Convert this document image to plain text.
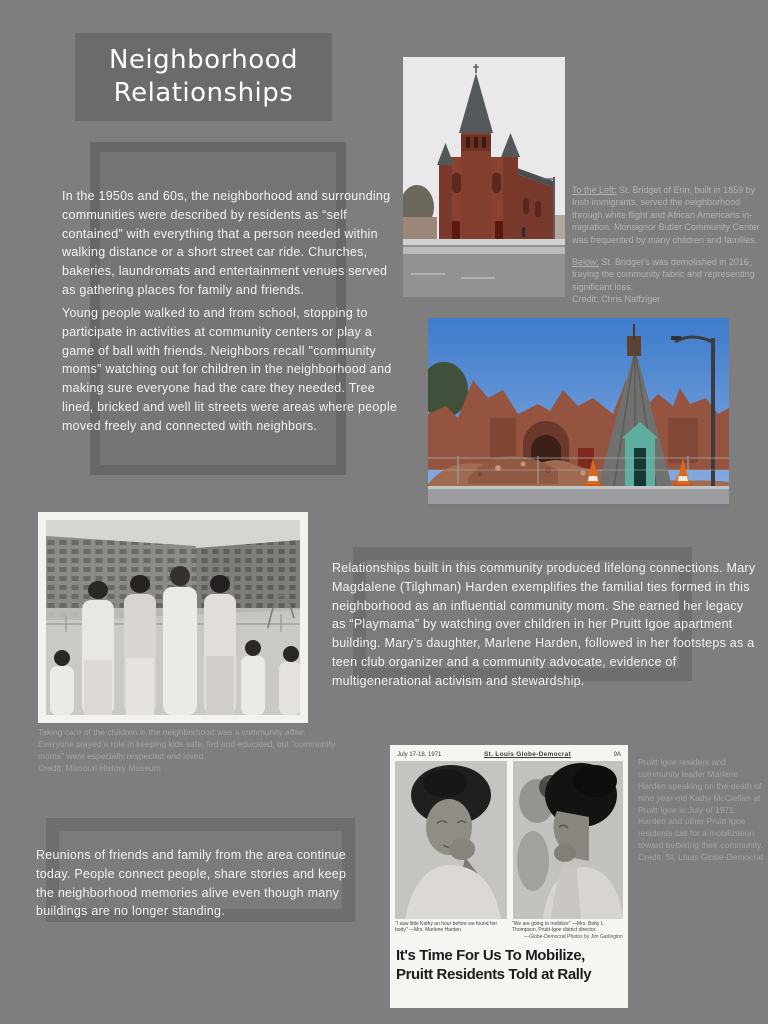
Neighborhood Relationships
In the 1950s and 60s, the neighborhood and surrounding communities were described by residents as “self contained” with everything that a person needed within walking distance or a short street car ride. Churches, bakeries, laundromats and entertainment venues served as gathering places for family and friends.
Young people walked to and from school, stopping to participate in activities at community centers or play a game of ball with friends. Neighbors recall "community moms" watching out for children in the neighborhood and making sure everyone had the care they needed. Tree lined, bricked and well lit streets were areas where people moved freely and connected with neighbors.
Relationships built in this community produced lifelong connections. Mary Magdalene (Tilghman) Harden exemplifies the familial ties formed in this neighborhood as an influential community mom. She earned her legacy as “Playmama” by watching over children in her Pruitt Igoe apartment building. Mary’s daughter, Marlene Harden, followed in her footsteps as a teen club organizer and a community advocate, evidence of multigenerational activism and stewardship.
Reunions of friends and family from the area continue today. People connect people, share stories and keep the neighborhood memories alive even though many buildings are no longer standing.
To the Left: St. Bridget of Erin, built in 1859 by Irish immigrants, served the neighborhood through white flight and African Americans in-migration. Monsignor Butler Community Center was frequented by many children and families.
Below: St. Bridget's was demolished in 2016, fraying the community fabric and representing significant loss.
Credit: Chris Naffziger
Taking care of the children in the neighborhood was a community affair. Everyone played a role in keeping kids safe, fed and educated, but “community moms” were especially respected and loved.
Credit: Missouri History Museum
July 17-18, 1971	St. Louis Globe-Democrat	9A
"I saw little Kathy an hour before we found her body" —Mrs. Marlene Harden.
"We are going to mobilize" —Mrs. Betty L. Thompson, Pruitt-Igoe district director.
—Globe-Democrat Photos by Jim Garlington
It's Time For Us To Mobilize,
Pruitt Residents Told at Rally
Pruitt Igoe resident and community leader Marlene Harden speaking on the death of nine year-old Kathy McClellan at Pruitt Igoe in July of 1971. Harden and other Pruitt Igoe residents call for a mobilization toward bettering their community.
Credit: St. Louis Globe-Democrat
